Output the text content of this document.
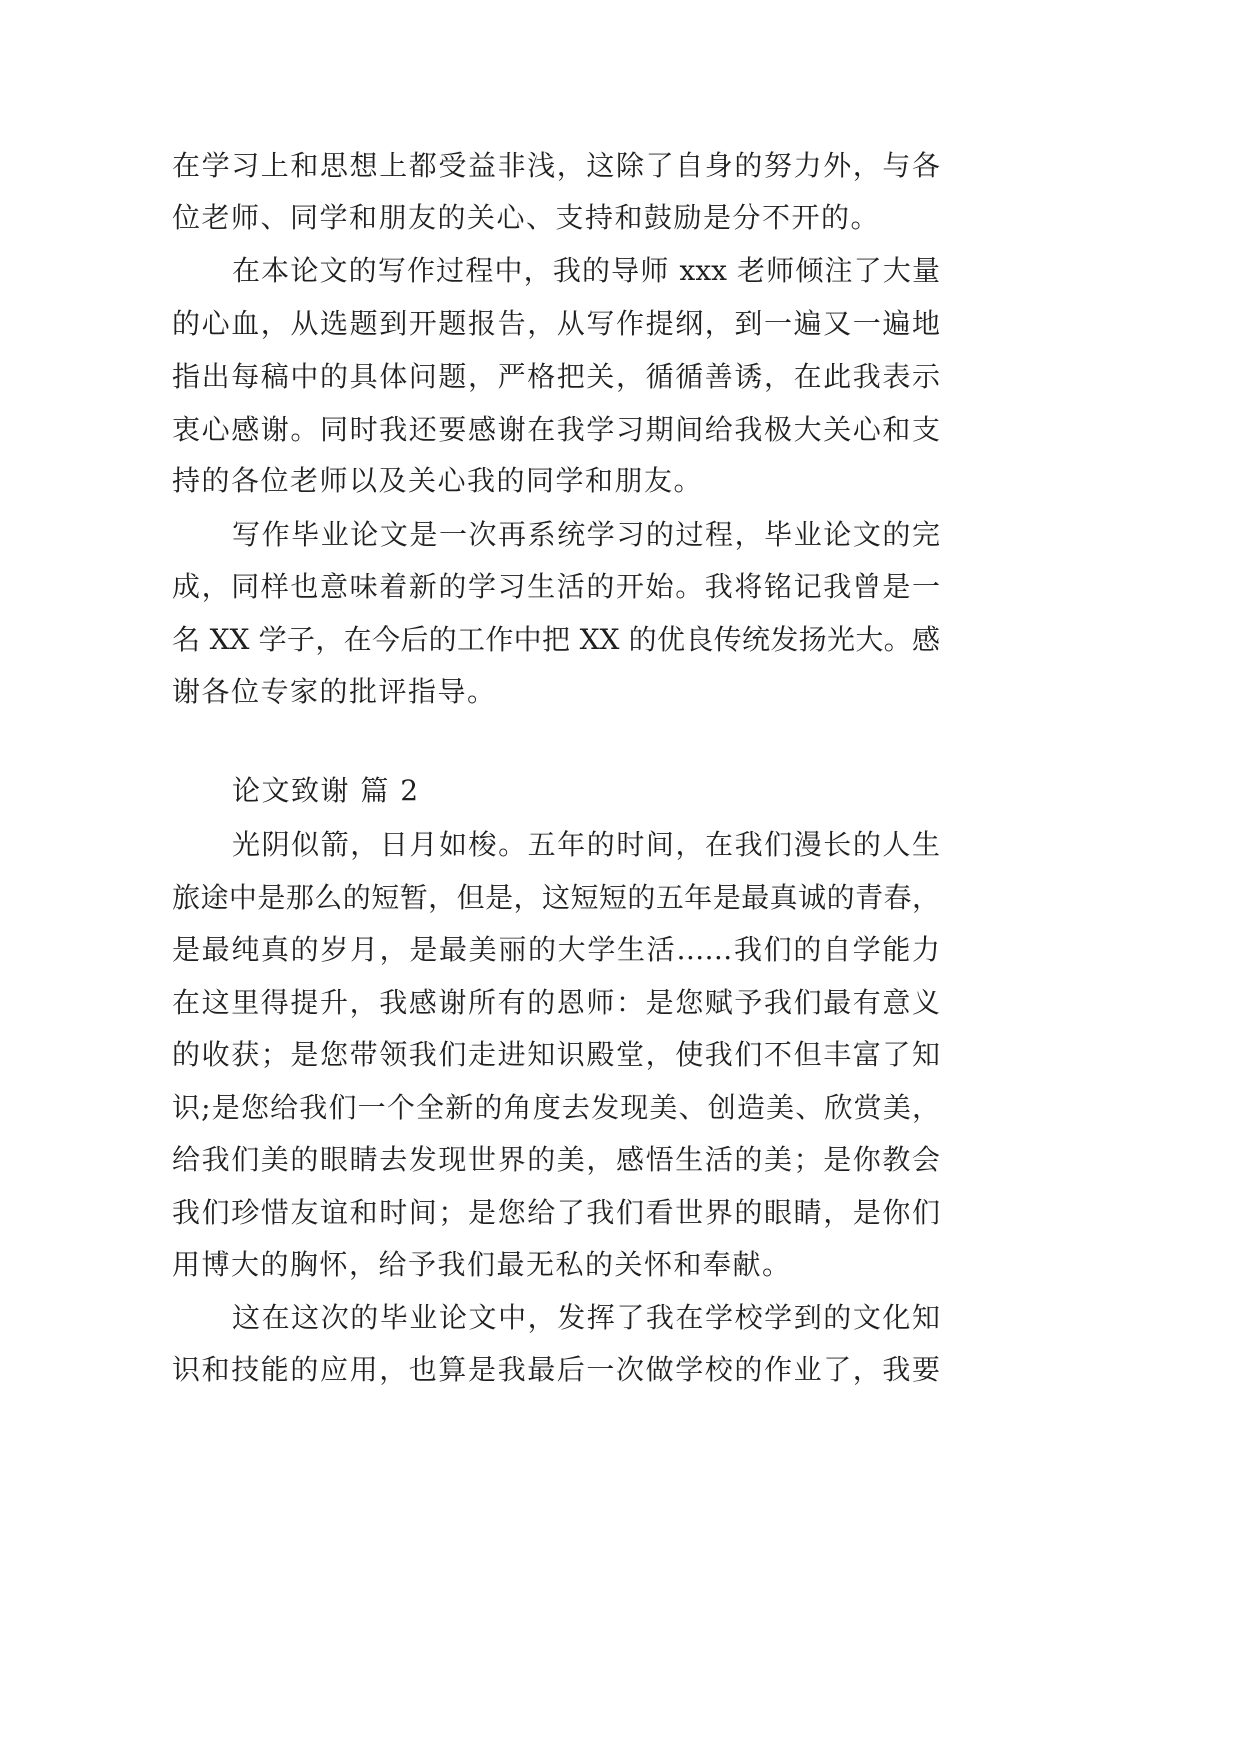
在学习上和思想上都受益非浅，这除了自身的努力外，与各

位老师、同学和朋友的关心、支持和鼓励是分不开的。

在本论文的写作过程中，我的导师 xxx 老师倾注了大量

的心血，从选题到开题报告，从写作提纲，到一遍又一遍地

指出每稿中的具体问题，严格把关，循循善诱，在此我表示

衷心感谢。同时我还要感谢在我学习期间给我极大关心和支

持的各位老师以及关心我的同学和朋友。

写作毕业论文是一次再系统学习的过程，毕业论文的完

成，同样也意味着新的学习生活的开始。我将铭记我曾是一

名 XX 学子，在今后的工作中把 XX 的优良传统发扬光大。感

谢各位专家的批评指导。

论文致谢 篇 2

光阴似箭，日月如梭。五年的时间，在我们漫长的人生

旅途中是那么的短暂，但是，这短短的五年是最真诚的青春，

是最纯真的岁月，是最美丽的大学生活……我们的自学能力

在这里得提升，我感谢所有的恩师：是您赋予我们最有意义

的收获；是您带领我们走进知识殿堂，使我们不但丰富了知

识;是您给我们一个全新的角度去发现美、创造美、欣赏美，

给我们美的眼睛去发现世界的美，感悟生活的美；是你教会

我们珍惜友谊和时间；是您给了我们看世界的眼睛，是你们

用博大的胸怀，给予我们最无私的关怀和奉献。

这在这次的毕业论文中，发挥了我在学校学到的文化知

识和技能的应用，也算是我最后一次做学校的作业了，我要
